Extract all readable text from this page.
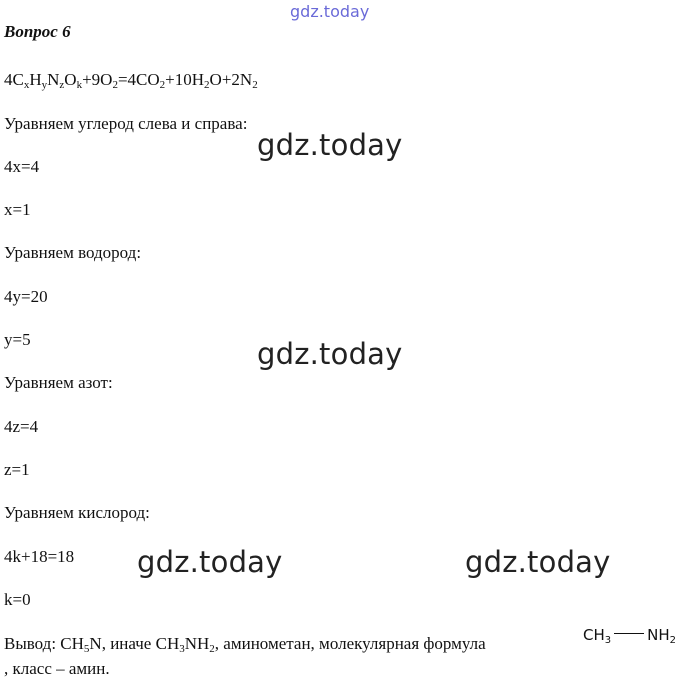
gdz.today
Вопрос 6
$4C_xH_yN_zO_k+9O_2=4CO_2+10H_2O+2N_2$
Уравняем углерод слева и справа:
4x=4
x=1
Уравняем водород:
4y=20
y=5
Уравняем азот:
4z=4
z=1
Уравняем кислород:
4k+18=18
k=0
Вывод: $CH_5N$, иначе $CH_3NH_2$, аминометан, молекулярная формула
, класс – амин.
$CH_3$ $NH_2$
gdz.today
gdz.today
gdz.today	gdz.today
